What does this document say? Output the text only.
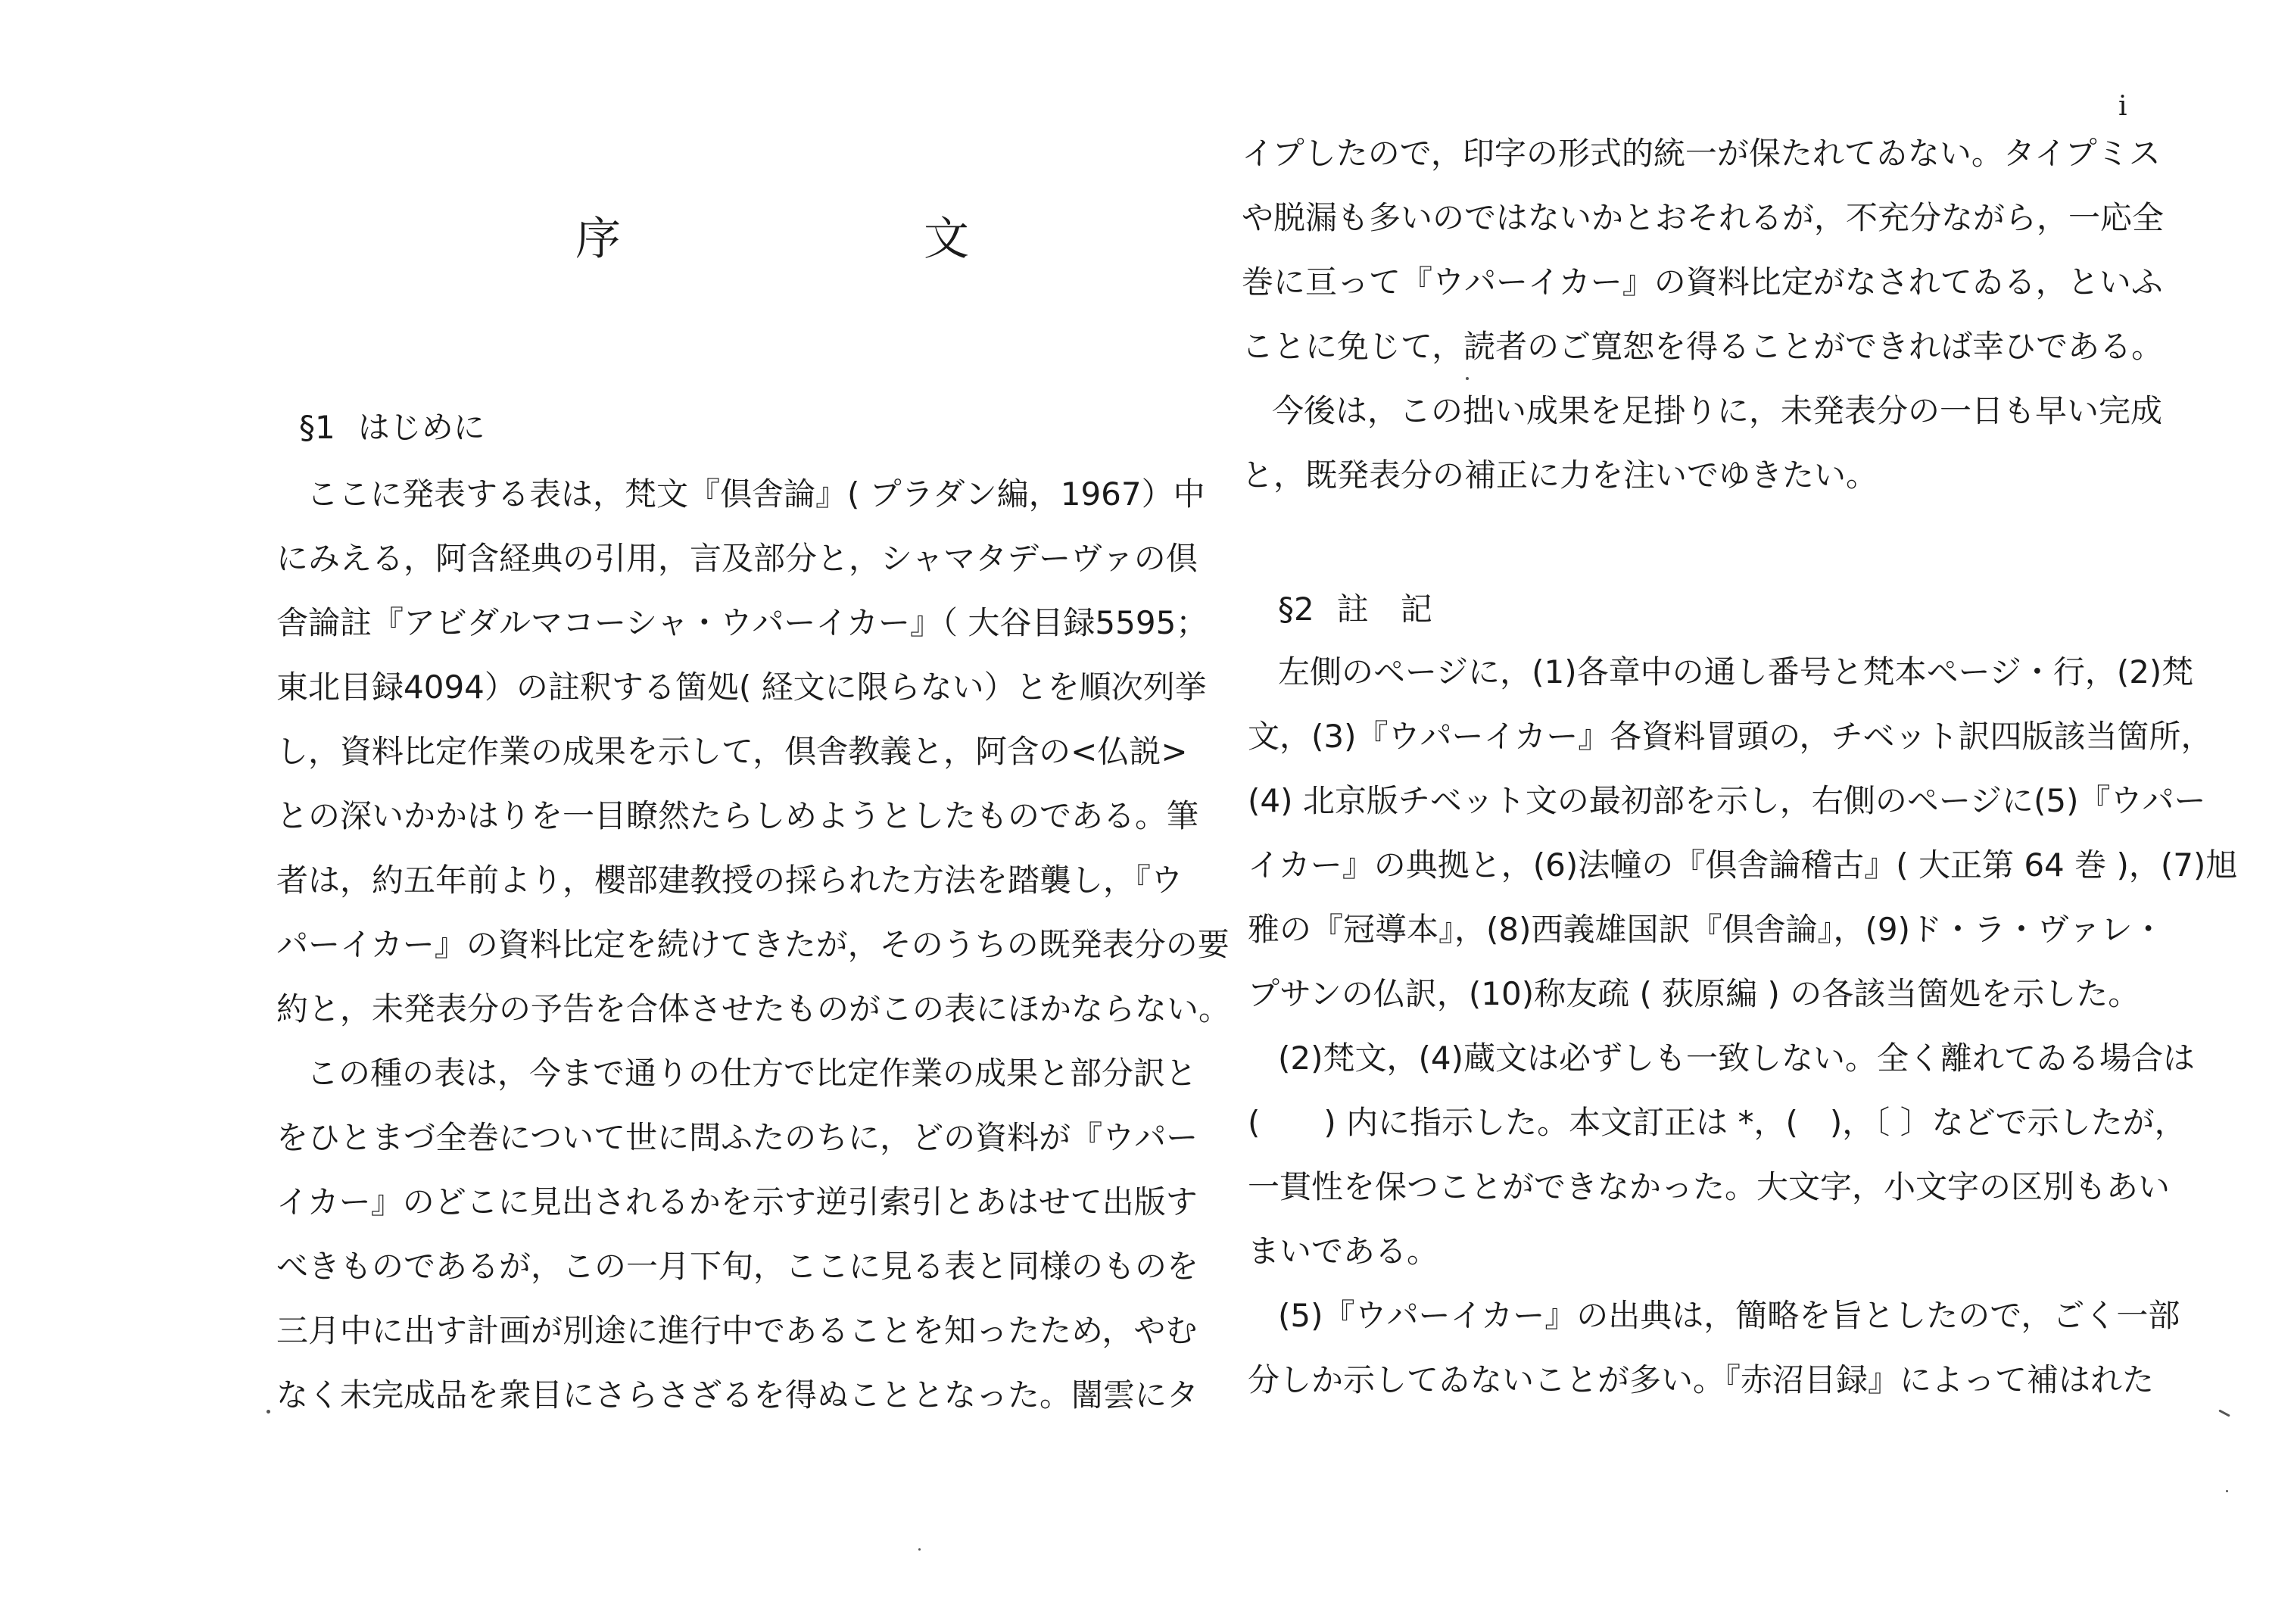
序　文
§1 はじめに
ここに発表する表は，梵文『倶舎論』( プラダン編，1967）中
にみえる，阿含経典の引用，言及部分と，シャマタデーヴァの倶
舎論註『アビダルマコーシャ・ウパーイカー』（ 大谷目録5595；
東北目録4094）の註釈する箇処( 経文に限らない）とを順次列挙
し，資料比定作業の成果を示して，倶舎教義と，阿含の<仏説>
との深いかかはりを一目瞭然たらしめようとしたものである。筆
者は，約五年前より，櫻部建教授の採られた方法を踏襲し，『ウ
パーイカー』の資料比定を続けてきたが，そのうちの既発表分の要
約と，未発表分の予告を合体させたものがこの表にほかならない。
この種の表は，今まで通りの仕方で比定作業の成果と部分訳と
をひとまづ全巻について世に問ふたのちに，どの資料が『ウパー
イカー』のどこに見出されるかを示す逆引索引とあはせて出版す
べきものであるが，この一月下旬，ここに見る表と同様のものを
三月中に出す計画が別途に進行中であることを知ったため，やむ
なく未完成品を衆目にさらさざるを得ぬこととなった。闇雲にタ
i
イプしたので，印字の形式的統一が保たれてゐない。タイプミス
や脱漏も多いのではないかとおそれるが，不充分ながら，一応全
巻に亘って『ウパーイカー』の資料比定がなされてゐる，といふ
ことに免じて，読者のご寛恕を得ることができれば幸ひである。
今後は，この拙い成果を足掛りに，未発表分の一日も早い完成
と，既発表分の補正に力を注いでゆきたい。
§2 註　記
左側のページに，(1)各章中の通し番号と梵本ページ・行，(2)梵
文，(3)『ウパーイカー』各資料冒頭の，チベット訳四版該当箇所，
(4) 北京版チベット文の最初部を示し，右側のページに(5)『ウパー
イカー』の典拠と，(6)法幢の『倶舎論稽古』( 大正第 64 巻 )，(7)旭
雅の『冠導本』，(8)西義雄国訳『倶舎論』，(9)ド・ラ・ヴァレ・
プサンの仏訳，(10)称友疏 ( 荻原編 ) の各該当箇処を示した。
(2)梵文，(4)蔵文は必ずしも一致しない。全く離れてゐる場合は
(　　) 内に指示した。本文訂正は *，(　)，〔 〕などで示したが，
一貫性を保つことができなかった。大文字，小文字の区別もあい
まいである。
(5)『ウパーイカー』の出典は，簡略を旨としたので，ごく一部
分しか示してゐないことが多い。『赤沼目録』によって補はれた
